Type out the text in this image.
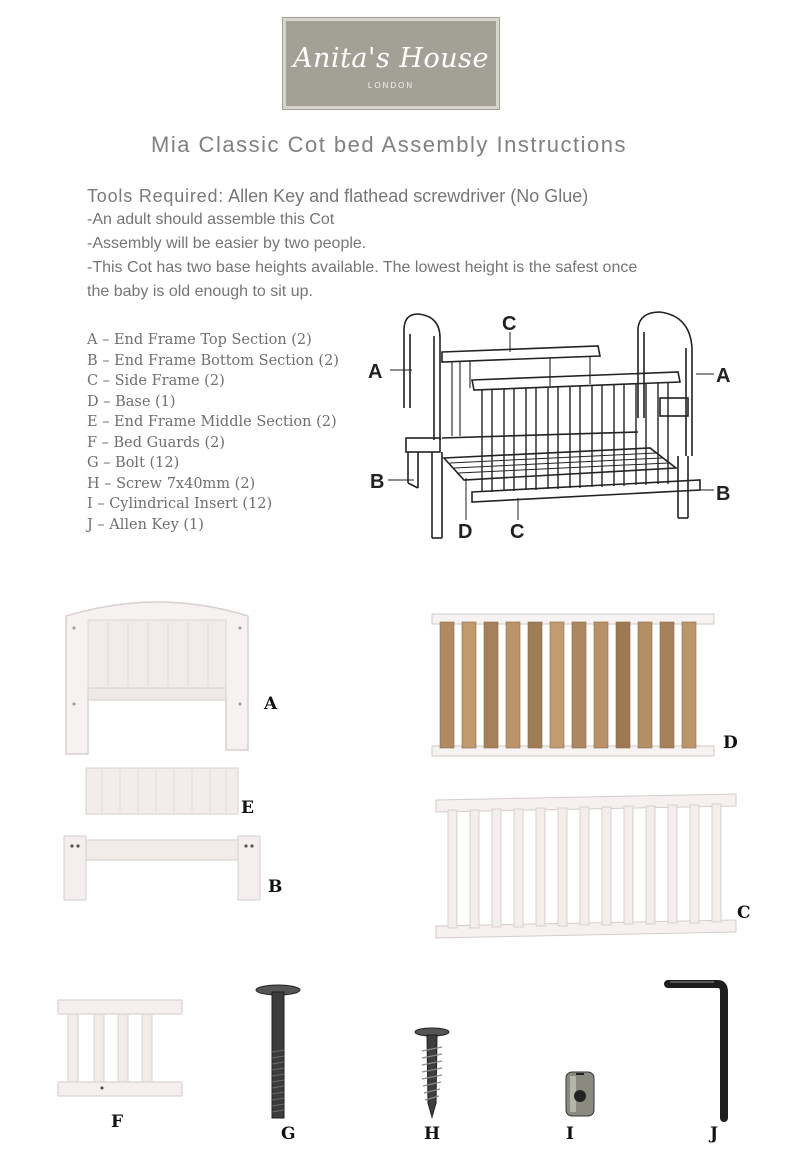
Anita's House
LONDON
Mia Classic Cot bed Assembly Instructions
Tools Required: Allen Key and flathead screwdriver (No Glue)
-An adult should assemble this Cot
-Assembly will be easier by two people.
-This Cot has two base heights available. The lowest height is the safest once
the baby is old enough to sit up.
A – End Frame Top Section (2)
B – End Frame Bottom Section (2)
C – Side Frame (2)
D – Base (1)
E – End Frame Middle Section (2)
F – Bed Guards (2)
G – Bolt (12)
H – Screw 7x40mm (2)
I – Cylindrical Insert (12)
J – Allen Key (1)
C
A	A
B
B
D C
A
E
B
D
C
F
G	H	I	J
